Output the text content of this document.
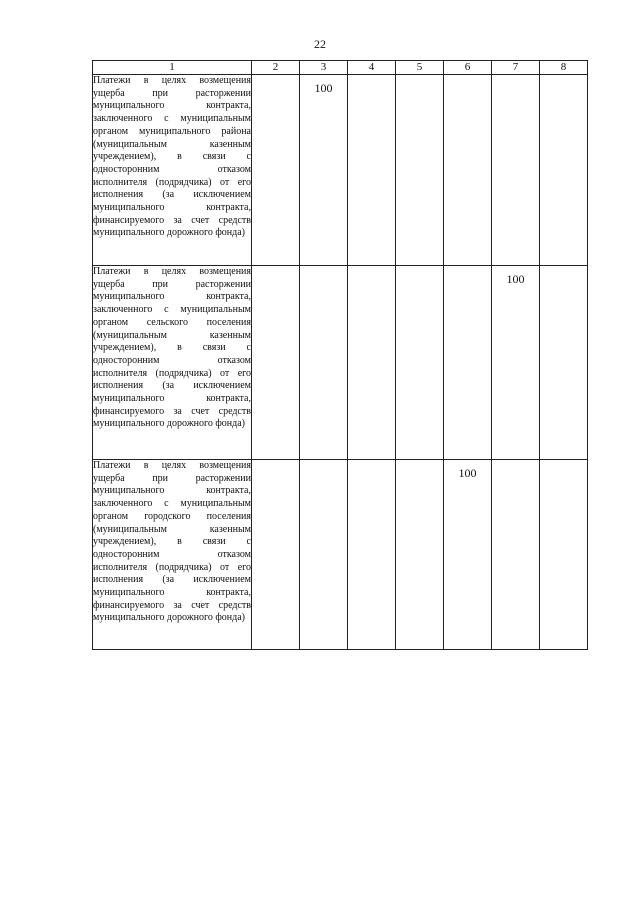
22
1	2	3	4	5	6	7	8
Платежи в целях возмещения ущерба при расторжении муниципального контракта, заключенного с муниципальным органом муниципального района (муниципальным казенным учреждением), в связи с односторонним отказом исполнителя (подрядчика) от его исполнения (за исключением муниципального контракта, финансируемого за счет средств муниципального дорожного фонда)		100					

Платежи в целях возмещения ущерба при расторжении муниципального контракта, заключенного с муниципальным органом сельского поселения (муниципальным казенным учреждением), в связи с односторонним отказом исполнителя (подрядчика) от его исполнения (за исключением муниципального контракта, финансируемого за счет средств муниципального дорожного фонда)						100	

Платежи в целях возмещения ущерба при расторжении муниципального контракта, заключенного с муниципальным органом городского поселения (муниципальным казенным учреждением), в связи с односторонним отказом исполнителя (подрядчика) от его исполнения (за исключением муниципального контракта, финансируемого за счет средств муниципального дорожного фонда)					100		
